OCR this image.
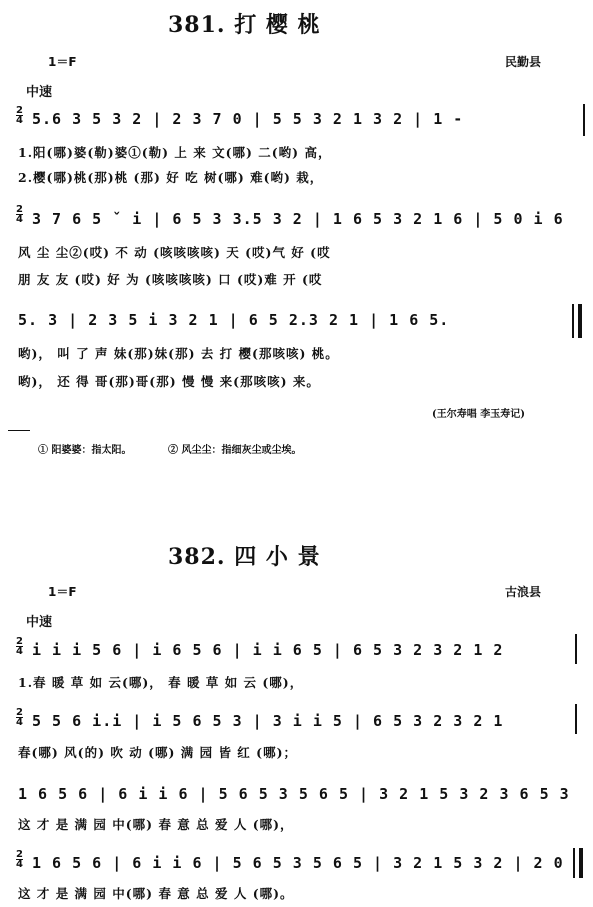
381. 打 樱 桃
1＝F	民勤县
中速
2
4 5.6 3 5 3 2 | 2 3 7 0 | 5 5 3 2 1 3 2 | 1 -
1.阳(哪)婆(勒)婆①(勒) 上 来 文(哪) 二(哟) 高，
2.樱(哪)桃(那)桃 (那) 好 吃 树(哪) 难(哟) 栽，
2
4 3 7 6 5 ˇ i | 6 5 3 3.5 3 2 | 1 6 5 3 2 1 6 | 5 0 i 6
风 尘 尘②(哎) 不 动 (咳咳咳咳) 天 (哎)气 好 (哎
朋 友 友 (哎) 好 为 (咳咳咳咳) 口 (哎)难 开 (哎
5. 3 | 2 3 5 i 3 2 1 | 6 5 2.3 2 1 | 1 6 5.
哟)， 叫 了 声 妹(那)妹(那) 去 打 樱(那咳咳) 桃。
哟)， 还 得 哥(那)哥(那) 慢 慢 来(那咳咳) 来。
(王尔寿唱 李玉寿记)
① 阳婆婆：指太阳。	② 风尘尘：指细灰尘或尘埃。
382. 四 小 景
1＝F	古浪县
中速
2
4 i i i 5 6 | i 6 5 6 | i i 6 5 | 6 5 3 2 3 2 1 2
1.春 暖 草 如 云(哪)， 春 暖 草 如 云 (哪)，
2
4 5 5 6 i.i | i 5 6 5 3 | 3 i i 5 | 6 5 3 2 3 2 1
春(哪) 风(的) 吹 动 (哪) 满 园 皆 红 (哪)；
1 6 5 6 | 6 i i 6 | 5 6 5 3 5 6 5 | 3 2 1 5 3 2 3 6 5 3
这 才 是 满 园 中(哪) 春 意 总 爱 人 (哪)，
2
4 1 6 5 6 | 6 i i 6 | 5 6 5 3 5 6 5 | 3 2 1 5 3 2 | 2 0
这 才 是 满 园 中(哪) 春 意 总 爱 人 (哪)。
